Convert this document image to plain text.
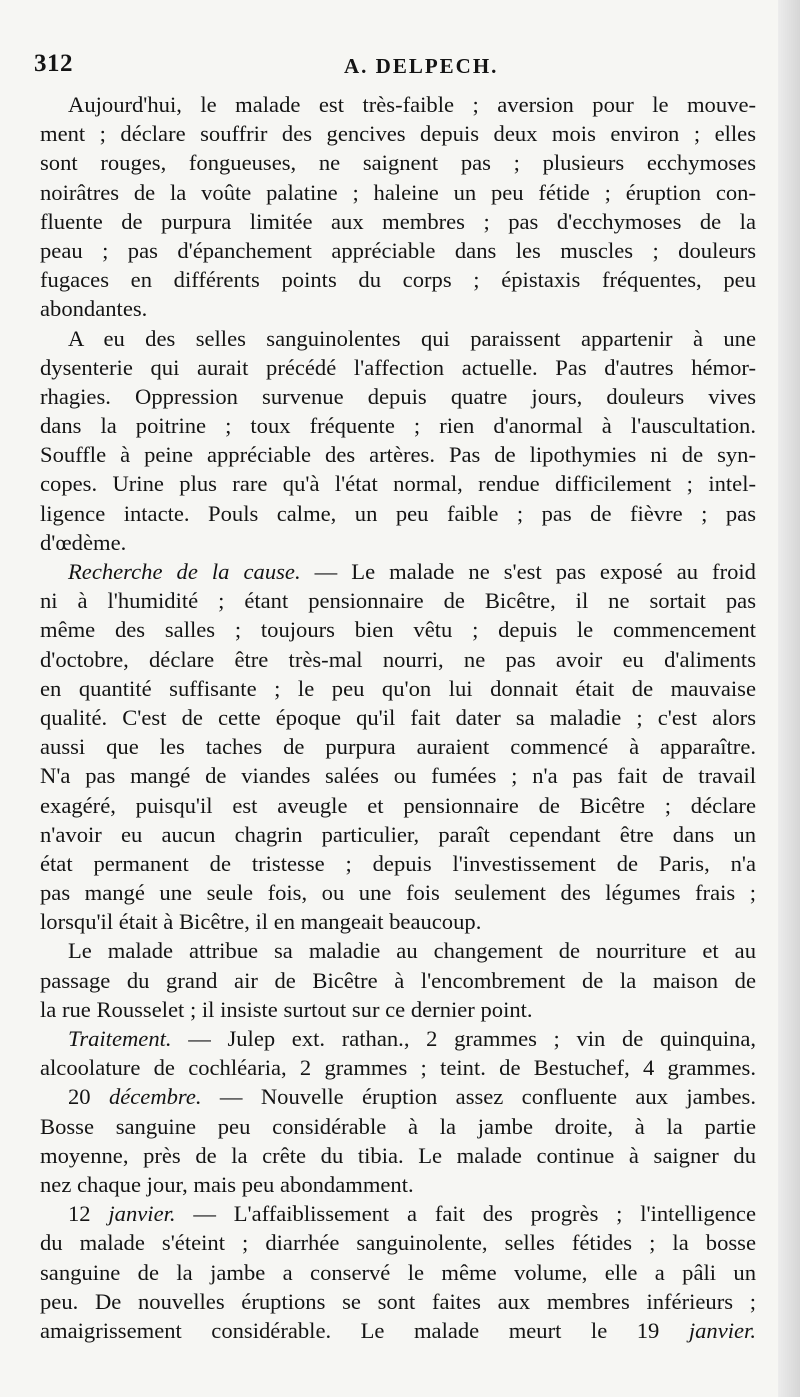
312	A. DELPECH.
Aujourd'hui, le malade est très-faible ; aversion pour le mouve-
ment ; déclare souffrir des gencives depuis deux mois environ ; elles
sont rouges, fongueuses, ne saignent pas ; plusieurs ecchymoses
noirâtres de la voûte palatine ; haleine un peu fétide ; éruption con-
fluente de purpura limitée aux membres ; pas d'ecchymoses de la
peau ; pas d'épanchement appréciable dans les muscles ; douleurs
fugaces en différents points du corps ; épistaxis fréquentes, peu
abondantes.
A eu des selles sanguinolentes qui paraissent appartenir à une
dysenterie qui aurait précédé l'affection actuelle. Pas d'autres hémor-
rhagies. Oppression survenue depuis quatre jours, douleurs vives
dans la poitrine ; toux fréquente ; rien d'anormal à l'auscultation.
Souffle à peine appréciable des artères. Pas de lipothymies ni de syn-
copes. Urine plus rare qu'à l'état normal, rendue difficilement ; intel-
ligence intacte. Pouls calme, un peu faible ; pas de fièvre ; pas
d'œdème.
Recherche de la cause. — Le malade ne s'est pas exposé au froid
ni à l'humidité ; étant pensionnaire de Bicêtre, il ne sortait pas
même des salles ; toujours bien vêtu ; depuis le commencement
d'octobre, déclare être très-mal nourri, ne pas avoir eu d'aliments
en quantité suffisante ; le peu qu'on lui donnait était de mauvaise
qualité. C'est de cette époque qu'il fait dater sa maladie ; c'est alors
aussi que les taches de purpura auraient commencé à apparaître.
N'a pas mangé de viandes salées ou fumées ; n'a pas fait de travail
exagéré, puisqu'il est aveugle et pensionnaire de Bicêtre ; déclare
n'avoir eu aucun chagrin particulier, paraît cependant être dans un
état permanent de tristesse ; depuis l'investissement de Paris, n'a
pas mangé une seule fois, ou une fois seulement des légumes frais ;
lorsqu'il était à Bicêtre, il en mangeait beaucoup.
Le malade attribue sa maladie au changement de nourriture et au
passage du grand air de Bicêtre à l'encombrement de la maison de
la rue Rousselet ; il insiste surtout sur ce dernier point.
Traitement. — Julep ext. rathan., 2 grammes ; vin de quinquina,
alcoolature de cochléaria, 2 grammes ; teint. de Bestuchef, 4 grammes.
20 décembre. — Nouvelle éruption assez confluente aux jambes.
Bosse sanguine peu considérable à la jambe droite, à la partie
moyenne, près de la crête du tibia. Le malade continue à saigner du
nez chaque jour, mais peu abondamment.
12 janvier. — L'affaiblissement a fait des progrès ; l'intelligence
du malade s'éteint ; diarrhée sanguinolente, selles fétides ; la bosse
sanguine de la jambe a conservé le même volume, elle a pâli un
peu. De nouvelles éruptions se sont faites aux membres inférieurs ;
amaigrissement considérable. Le malade meurt le 19 janvier.
